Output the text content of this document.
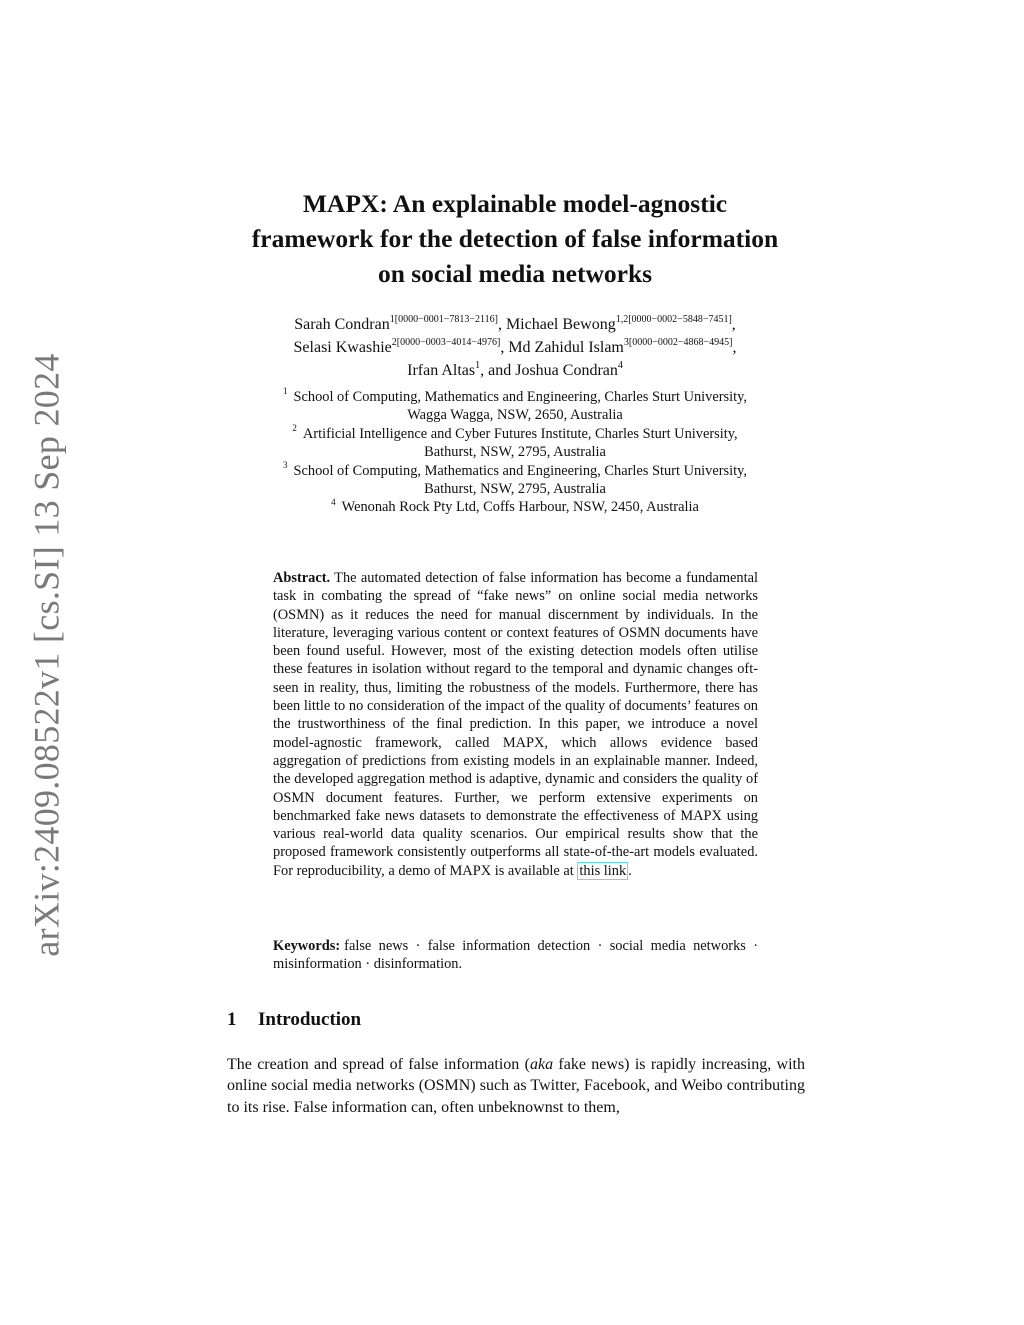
arXiv:2409.08522v1 [cs.SI] 13 Sep 2024
MAPX: An explainable model-agnostic
framework for the detection of false information
on social media networks
Sarah Condran$^{1[0000-0001-7813-2116]}$, Michael Bewong$^{1,2[0000-0002-5848-7451]}$,
Selasi Kwashie$^{2[0000-0003-4014-4976]}$, Md Zahidul Islam$^{3[0000-0002-4868-4945]}$,
Irfan Altas$^1$, and Joshua Condran$^4$
$^1$ School of Computing, Mathematics and Engineering, Charles Sturt University,
Wagga Wagga, NSW, 2650, Australia
$^2$ Artificial Intelligence and Cyber Futures Institute, Charles Sturt University,
Bathurst, NSW, 2795, Australia
$^3$ School of Computing, Mathematics and Engineering, Charles Sturt University,
Bathurst, NSW, 2795, Australia
$^4$ Wenonah Rock Pty Ltd, Coffs Harbour, NSW, 2450, Australia
Abstract. The automated detection of false information has become a fundamental task in combating the spread of “fake news” on online social media networks (OSMN) as it reduces the need for manual discernment by individuals. In the literature, leveraging various content or context features of OSMN documents have been found useful. However, most of the existing detection models often utilise these features in isolation without regard to the temporal and dynamic changes oft-seen in reality, thus, limiting the robustness of the models. Furthermore, there has been little to no consideration of the impact of the quality of documents’ features on the trustworthiness of the final prediction. In this paper, we introduce a novel model-agnostic framework, called MAPX, which allows evidence based aggregation of predictions from existing models in an explainable manner. Indeed, the developed aggregation method is adaptive, dynamic and considers the quality of OSMN document features. Further, we perform extensive experiments on benchmarked fake news datasets to demonstrate the effectiveness of MAPX using various real-world data quality scenarios. Our empirical results show that the proposed framework consistently outperforms all state-of-the-art models evaluated. For reproducibility, a demo of MAPX is available at this link .
Keywords: false news · false information detection · social media networks · misinformation · disinformation.
1 Introduction
The creation and spread of false information (aka fake news) is rapidly increasing, with online social media networks (OSMN) such as Twitter, Facebook, and Weibo contributing to its rise. False information can, often unbeknownst to them,
